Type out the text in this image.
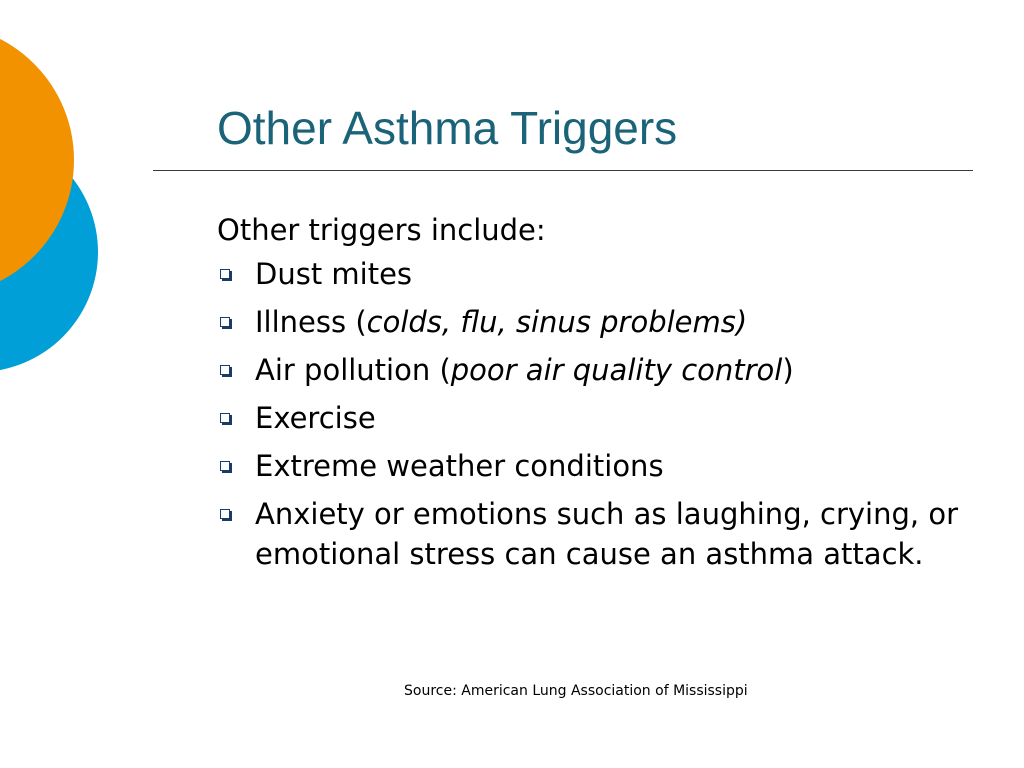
Other Asthma Triggers
Other triggers include:
Dust mites
Illness (colds, flu, sinus problems)
Air pollution (poor air quality control)
Exercise
Extreme weather conditions
Anxiety or emotions such as laughing, crying, or emotional stress can cause an asthma attack.
Source: American Lung Association of Mississippi
